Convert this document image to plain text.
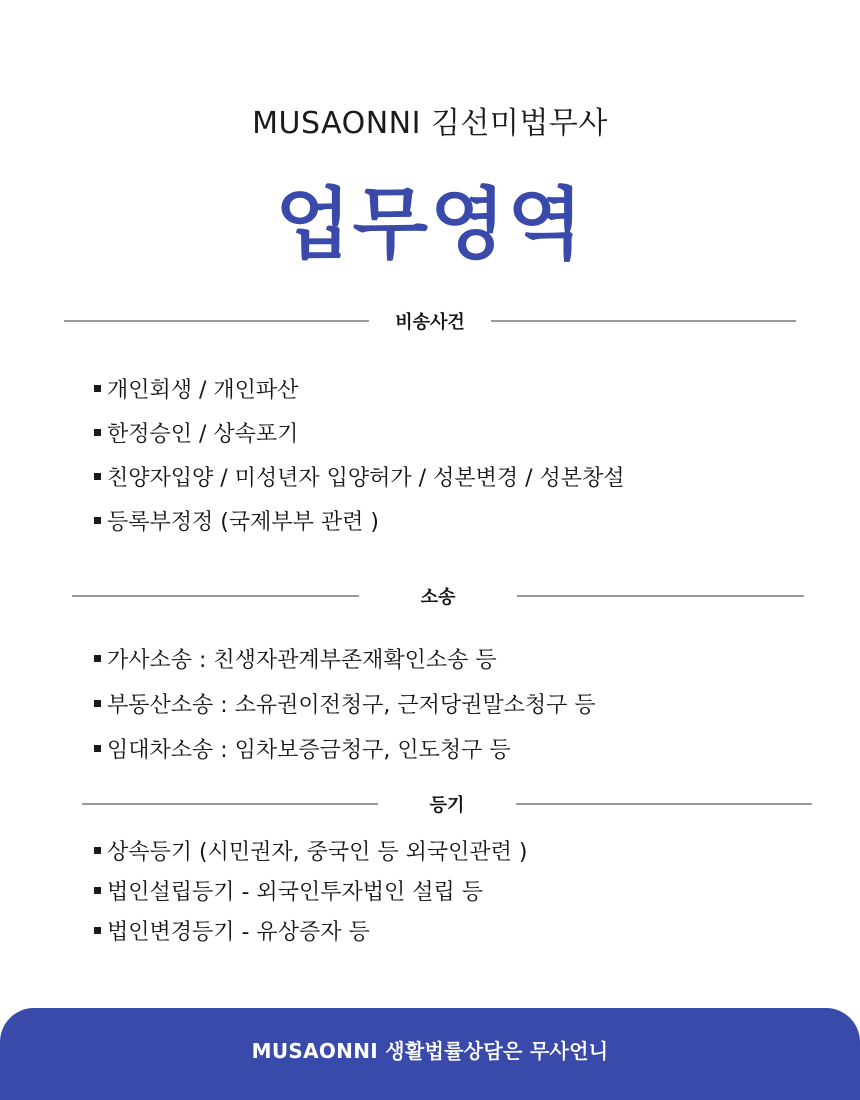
MUSAONNI 김선미법무사
업무영역
비송사건
개인회생 / 개인파산
한정승인 / 상속포기
친양자입양 / 미성년자 입양허가 / 성본변경 / 성본창설
등록부정정 (국제부부 관련 )
소송
가사소송 : 친생자관계부존재확인소송 등
부동산소송 : 소유권이전청구, 근저당권말소청구 등
임대차소송 : 임차보증금청구, 인도청구 등
등기
상속등기 (시민권자, 중국인 등 외국인관련 )
법인설립등기 - 외국인투자법인 설립 등
법인변경등기 - 유상증자 등
MUSAONNI 생활법률상담은 무사언니
